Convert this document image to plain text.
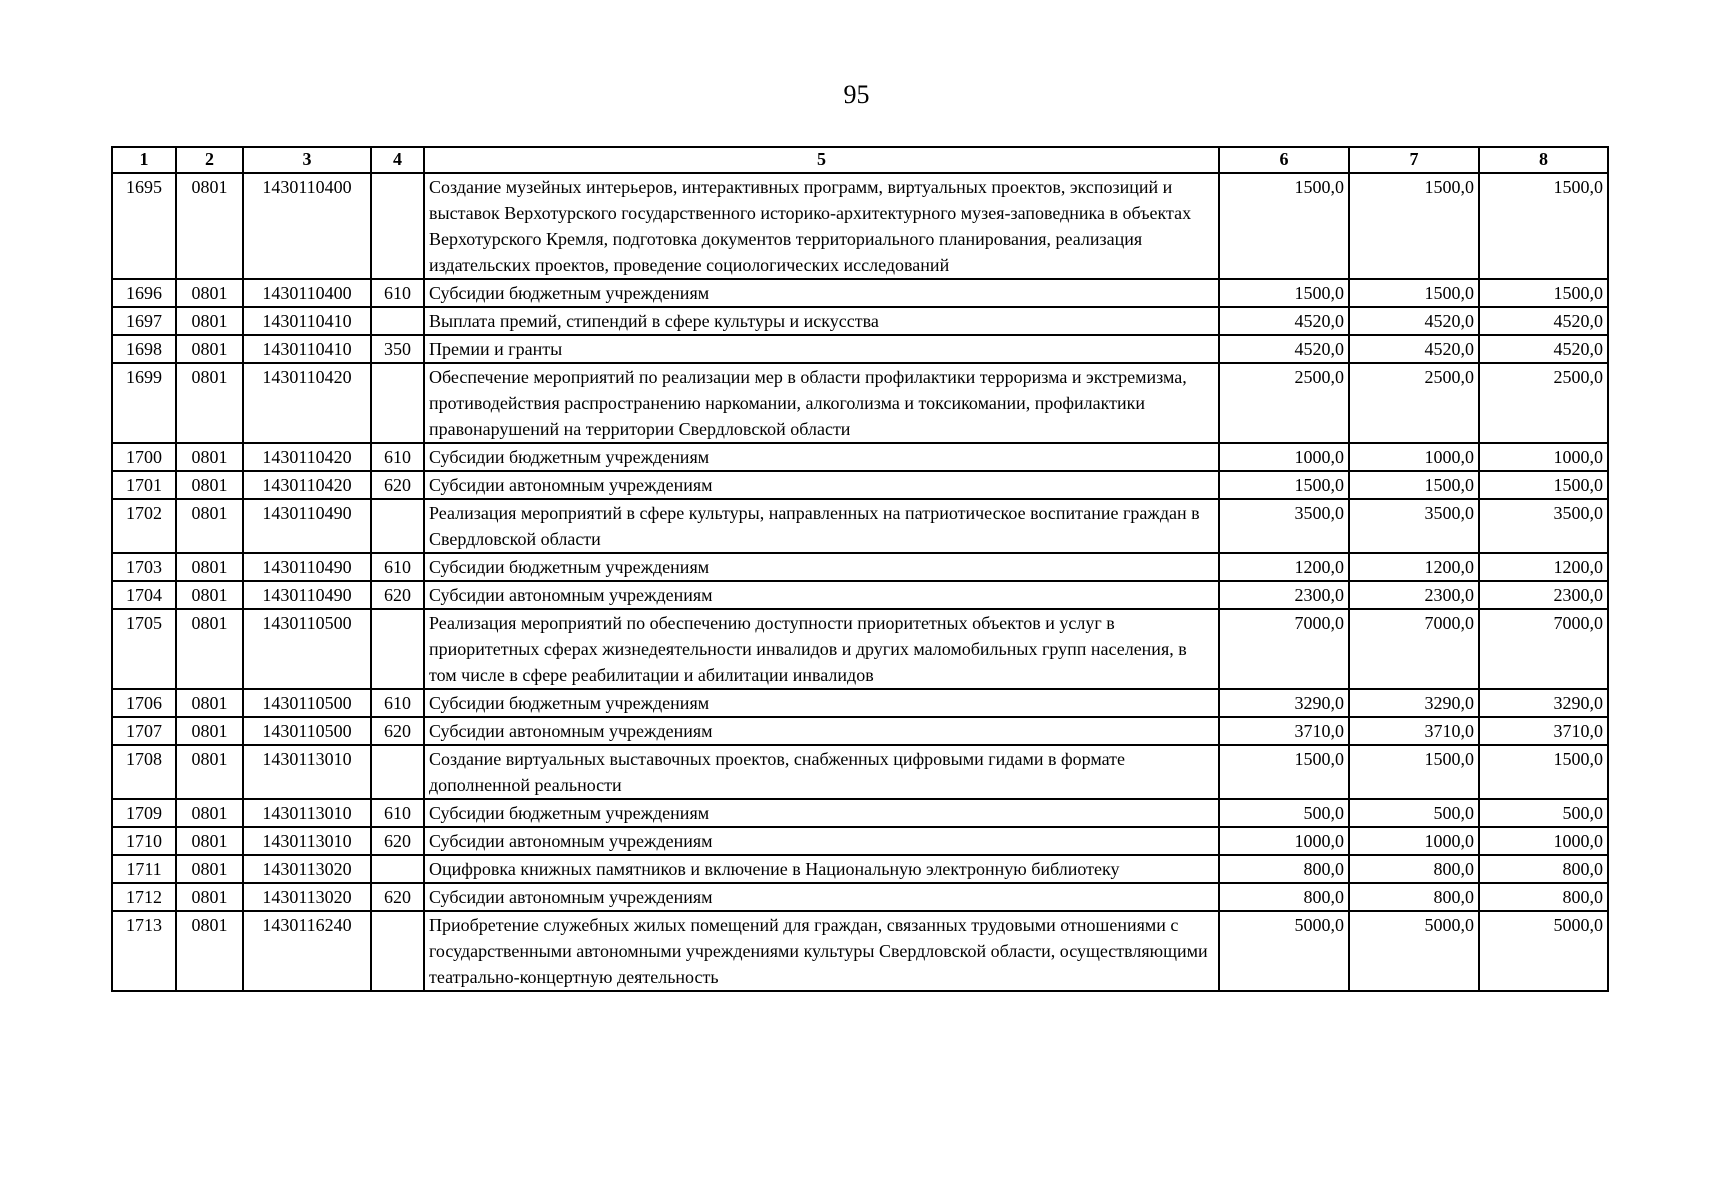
95
1	2	3	4	5	6	7	8
1695	0801	1430110400		Создание музейных интерьеров, интерактивных программ, виртуальных проектов, экспозиций и выставок Верхотурского государственного историко-архитектурного музея-заповедника в объектах Верхотурского Кремля, подготовка документов территориального планирования, реализация издательских проектов, проведение социологических исследований	1500,0	1500,0	1500,0
1696	0801	1430110400	610	Субсидии бюджетным учреждениям	1500,0	1500,0	1500,0
1697	0801	1430110410		Выплата премий, стипендий в сфере культуры и искусства	4520,0	4520,0	4520,0
1698	0801	1430110410	350	Премии и гранты	4520,0	4520,0	4520,0
1699	0801	1430110420		Обеспечение мероприятий по реализации мер в области профилактики терроризма и экстремизма, противодействия распространению наркомании, алкоголизма и токсикомании, профилактики правонарушений на территории Свердловской области	2500,0	2500,0	2500,0
1700	0801	1430110420	610	Субсидии бюджетным учреждениям	1000,0	1000,0	1000,0
1701	0801	1430110420	620	Субсидии автономным учреждениям	1500,0	1500,0	1500,0
1702	0801	1430110490		Реализация мероприятий в сфере культуры, направленных на патриотическое воспитание граждан в Свердловской области	3500,0	3500,0	3500,0
1703	0801	1430110490	610	Субсидии бюджетным учреждениям	1200,0	1200,0	1200,0
1704	0801	1430110490	620	Субсидии автономным учреждениям	2300,0	2300,0	2300,0
1705	0801	1430110500		Реализация мероприятий по обеспечению доступности приоритетных объектов и услуг в приоритетных сферах жизнедеятельности инвалидов и других маломобильных групп населения, в том числе в сфере реабилитации и абилитации инвалидов	7000,0	7000,0	7000,0
1706	0801	1430110500	610	Субсидии бюджетным учреждениям	3290,0	3290,0	3290,0
1707	0801	1430110500	620	Субсидии автономным учреждениям	3710,0	3710,0	3710,0
1708	0801	1430113010		Создание виртуальных выставочных проектов, снабженных цифровыми гидами в формате дополненной реальности	1500,0	1500,0	1500,0
1709	0801	1430113010	610	Субсидии бюджетным учреждениям	500,0	500,0	500,0
1710	0801	1430113010	620	Субсидии автономным учреждениям	1000,0	1000,0	1000,0
1711	0801	1430113020		Оцифровка книжных памятников и включение в Национальную электронную библиотеку	800,0	800,0	800,0
1712	0801	1430113020	620	Субсидии автономным учреждениям	800,0	800,0	800,0
1713	0801	1430116240		Приобретение служебных жилых помещений для граждан, связанных трудовыми отношениями с государственными автономными учреждениями культуры Свердловской области, осуществляющими театрально-концертную деятельность	5000,0	5000,0	5000,0
